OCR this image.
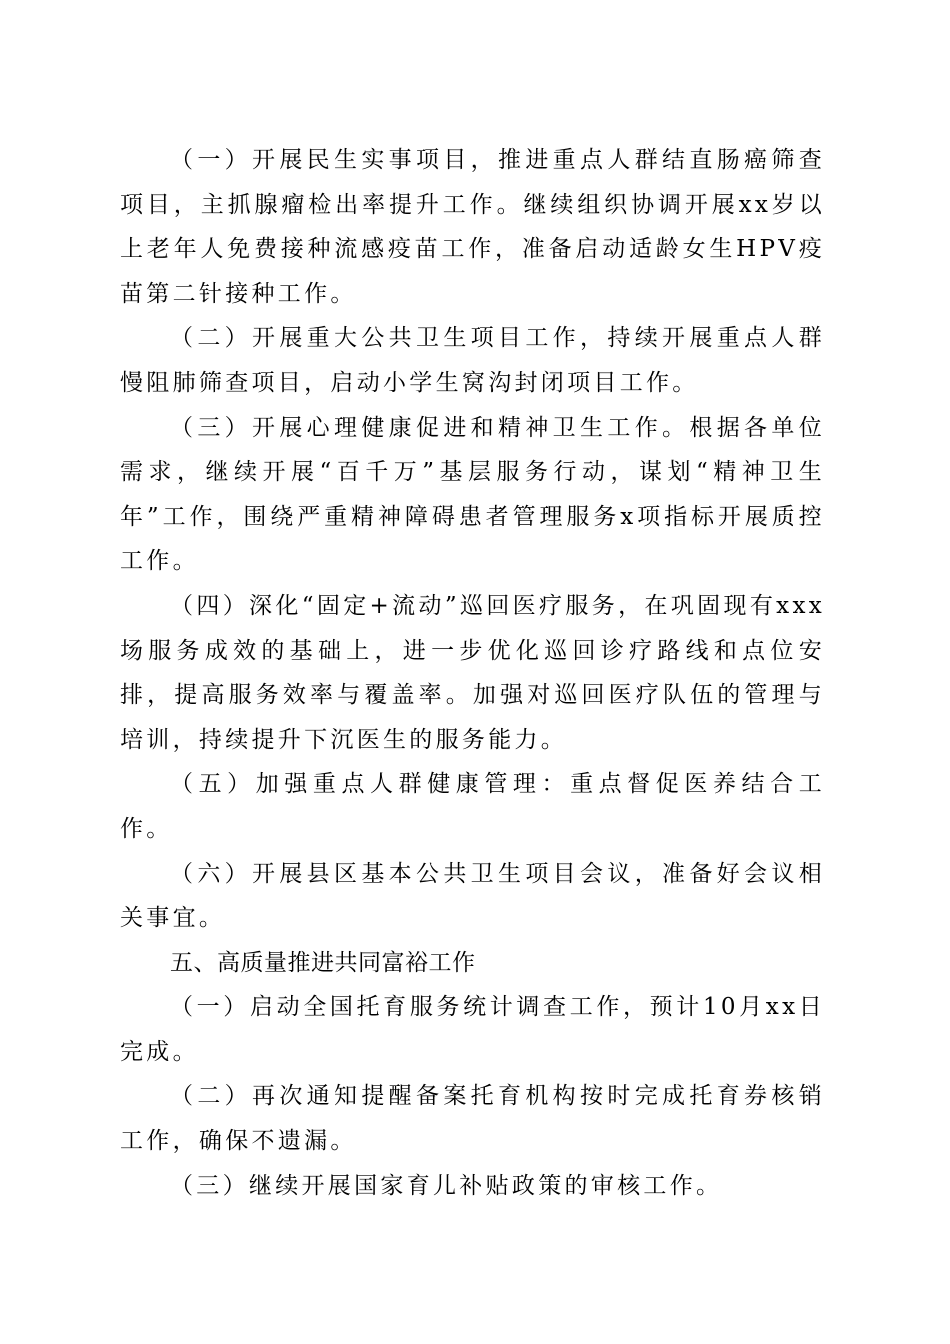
（一）开展民生实事项目，推进重点人群结直肠癌筛查项目，主抓腺瘤检出率提升工作。继续组织协调开展xx岁以上老年人免费接种流感疫苗工作，准备启动适龄女生HPV疫苗第二针接种工作。

（二）开展重大公共卫生项目工作，持续开展重点人群慢阻肺筛查项目，启动小学生窝沟封闭项目工作。

（三）开展心理健康促进和精神卫生工作。根据各单位需求，继续开展“百千万”基层服务行动，谋划“精神卫生年”工作，围绕严重精神障碍患者管理服务x项指标开展质控工作。

（四）深化“固定+流动”巡回医疗服务，在巩固现有xxx场服务成效的基础上，进一步优化巡回诊疗路线和点位安排，提高服务效率与覆盖率。加强对巡回医疗队伍的管理与培训，持续提升下沉医生的服务能力。

（五）加强重点人群健康管理：重点督促医养结合工作。

（六）开展县区基本公共卫生项目会议，准备好会议相关事宜。

五、高质量推进共同富裕工作

（一）启动全国托育服务统计调查工作，预计10月xx日完成。

（二）再次通知提醒备案托育机构按时完成托育券核销工作，确保不遗漏。

（三）继续开展国家育儿补贴政策的审核工作。
